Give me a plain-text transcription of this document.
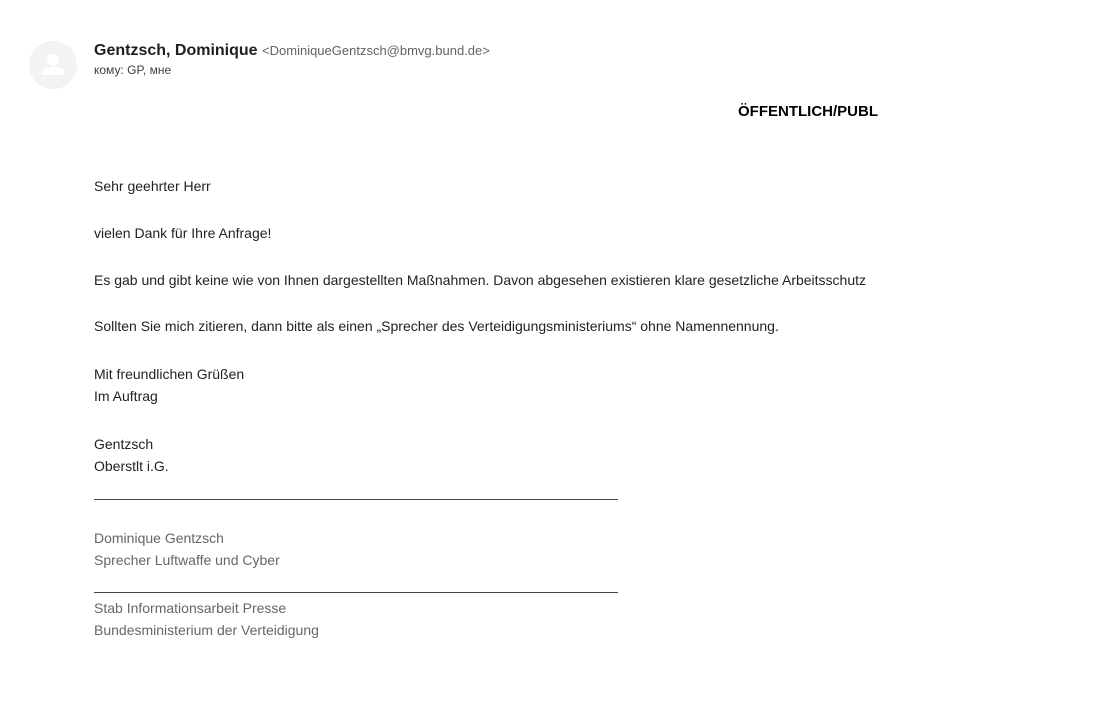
Gentzsch, Dominique <DominiqueGentzsch@bmvg.bund.de>
кому: GP, мне
ÖFFENTLICH/PUBL
Sehr geehrter Herr
vielen Dank für Ihre Anfrage!
Es gab und gibt keine wie von Ihnen dargestellten Maßnahmen. Davon abgesehen existieren klare gesetzliche Arbeitsschutz
Sollten Sie mich zitieren, dann bitte als einen „Sprecher des Verteidigungsministeriums“ ohne Namennennung.
Mit freundlichen Grüßen
Im Auftrag
Gentzsch
Oberstlt i.G.
Dominique Gentzsch
Sprecher Luftwaffe und Cyber
Stab Informationsarbeit Presse
Bundesministerium der Verteidigung
